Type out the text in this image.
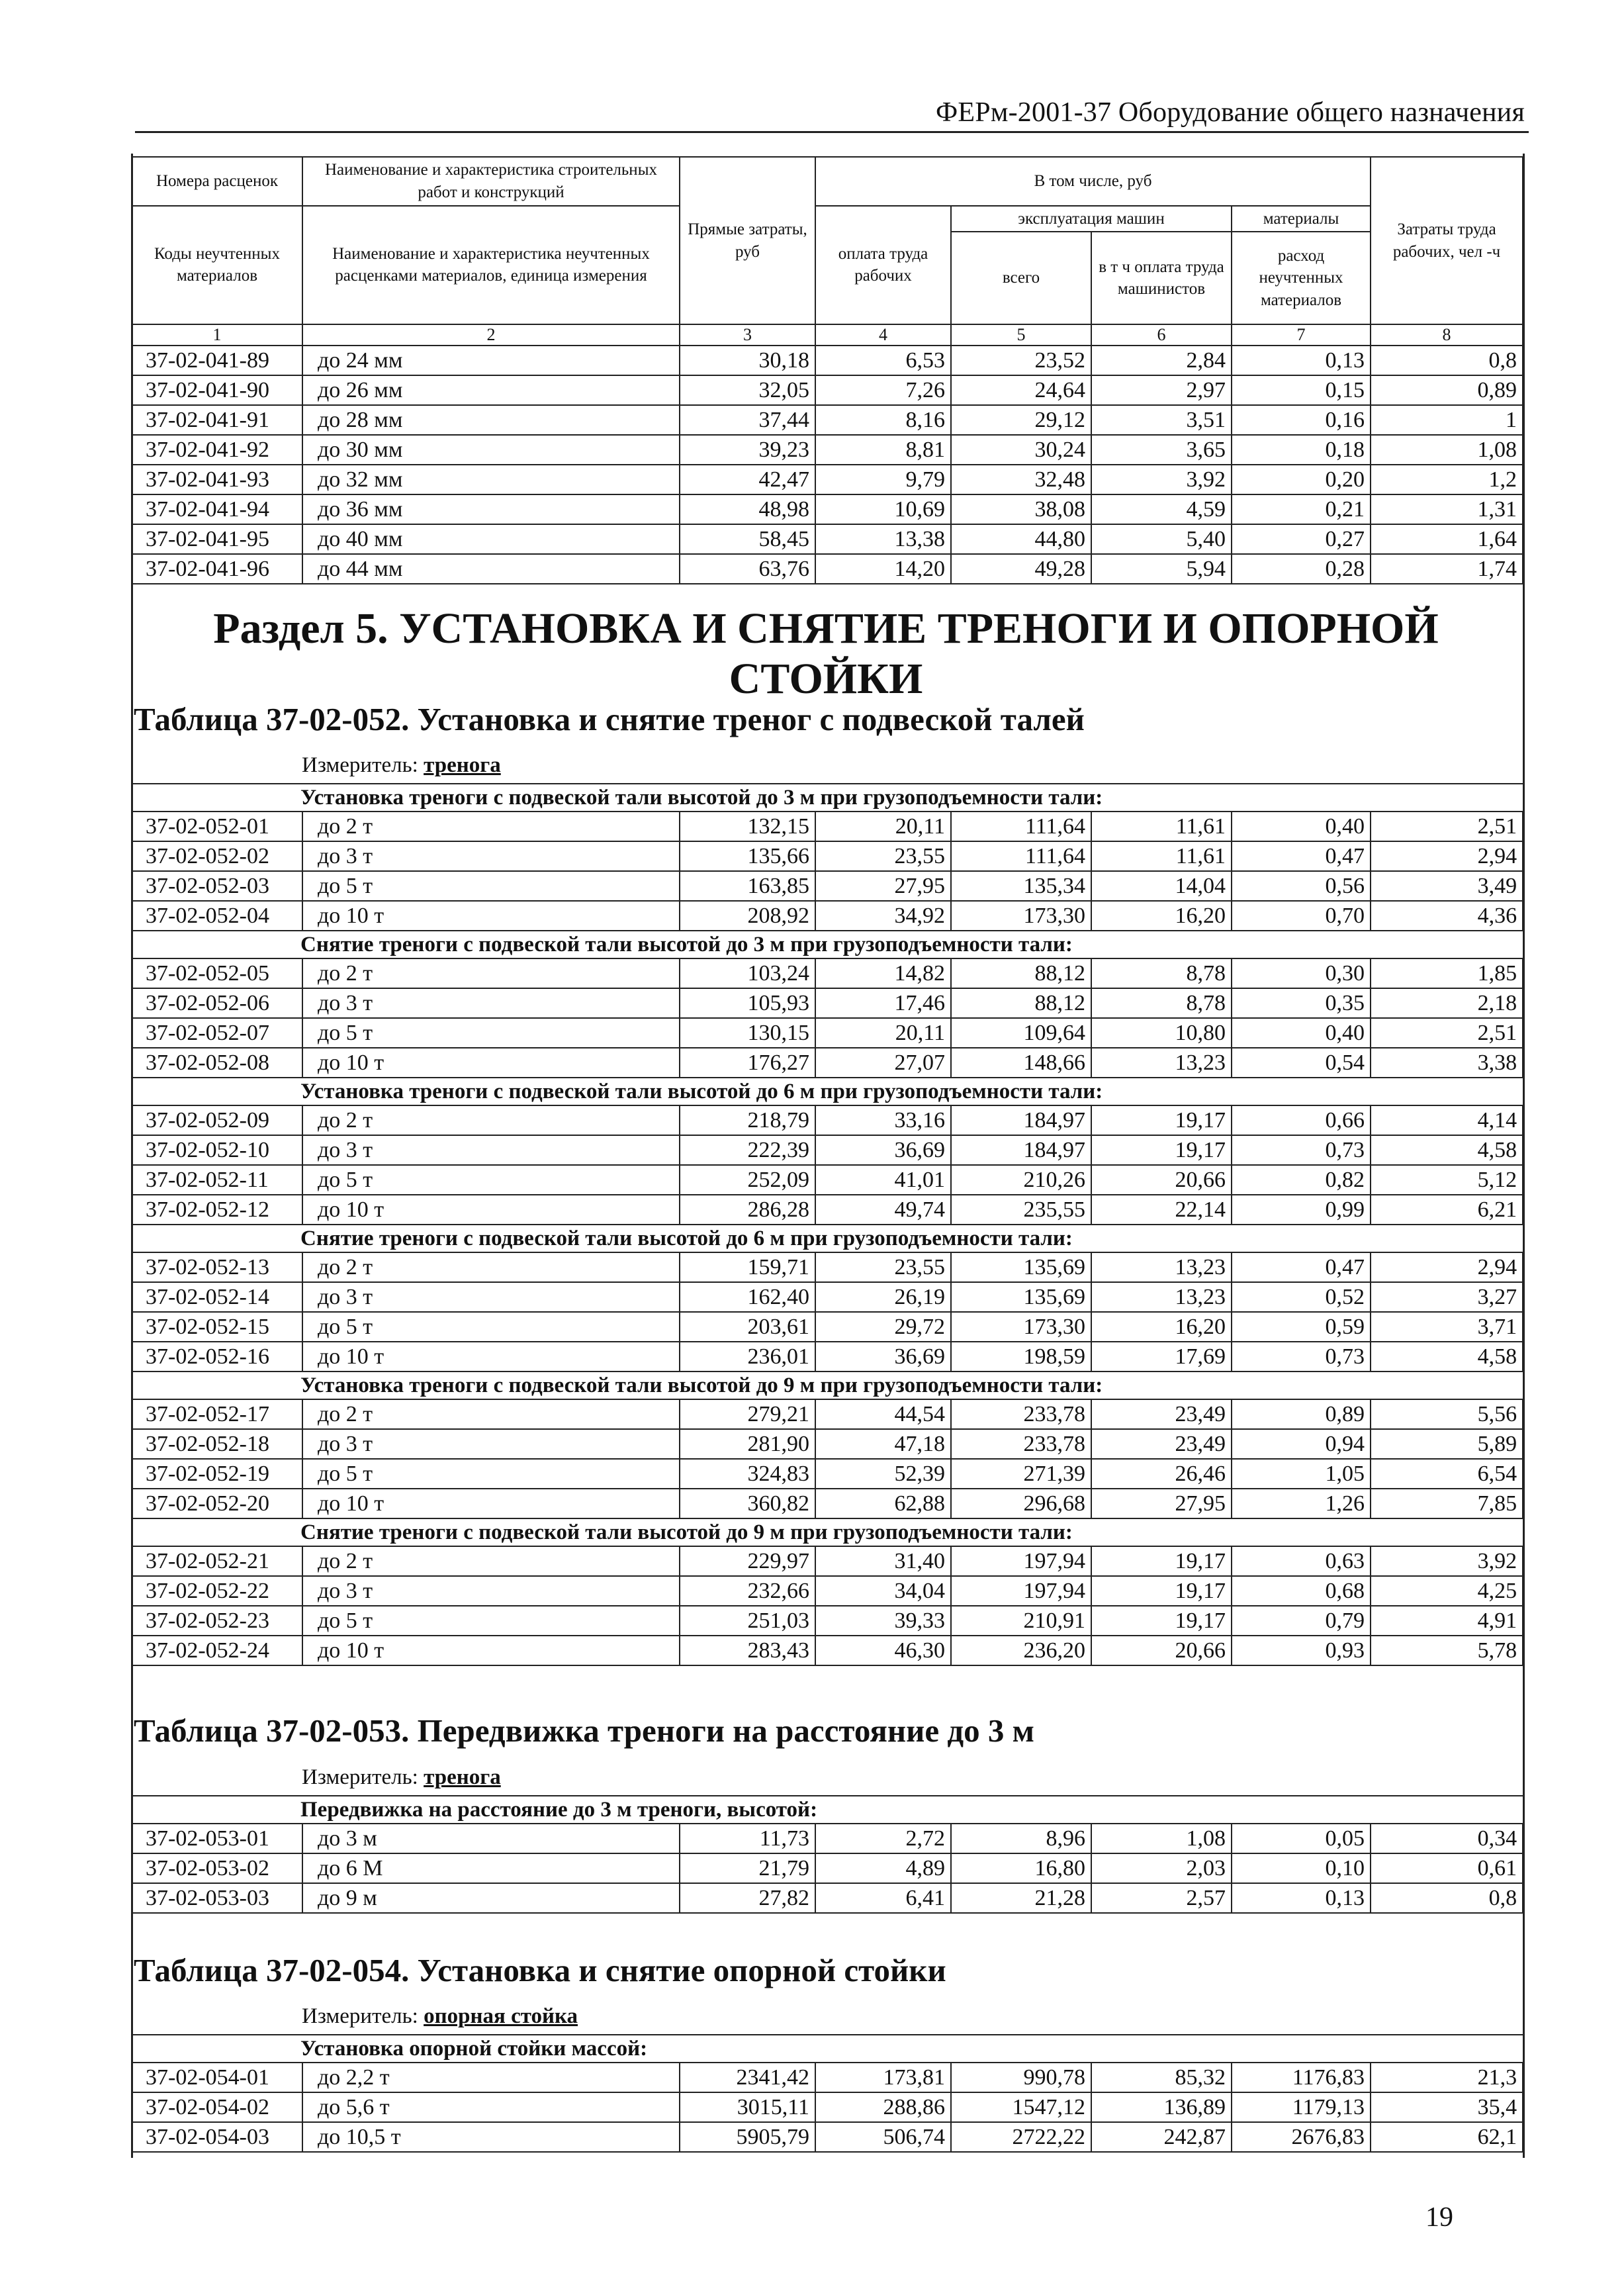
ФЕРм-2001-37 Оборудование общего назначения
Номера расценок	Наименование и характеристика строительных работ и конструкций	Прямые затраты, руб	В том числе, руб				Затраты труда рабочих, чел -ч
Коды неучтенных материалов	Наименование и характеристика неучтенных расценками материалов, единица измерения		оплата труда рабочих	эксплуатация машин		материалы	
				всего	в т ч оплата труда машинистов	расход неучтенных материалов	
1	2	3	4	5	6	7	8
37-02-041-89	до 24 мм	30,18	6,53	23,52	2,84	0,13	0,8
37-02-041-90	до 26 мм	32,05	7,26	24,64	2,97	0,15	0,89
37-02-041-91	до 28 мм	37,44	8,16	29,12	3,51	0,16	1
37-02-041-92	до 30 мм	39,23	8,81	30,24	3,65	0,18	1,08
37-02-041-93	до 32 мм	42,47	9,79	32,48	3,92	0,20	1,2
37-02-041-94	до 36 мм	48,98	10,69	38,08	4,59	0,21	1,31
37-02-041-95	до 40 мм	58,45	13,38	44,80	5,40	0,27	1,64
37-02-041-96	до 44 мм	63,76	14,20	49,28	5,94	0,28	1,74
Раздел 5. УСТАНОВКА И СНЯТИЕ ТРЕНОГИ И ОПОРНОЙ СТОЙКИ
Таблица 37-02-052. Установка и снятие треног с подвеской талей
Измеритель: тренога
Установка треноги с подвеской тали высотой до 3 м при грузоподъемности тали:							
37-02-052-01	до 2 т	132,15	20,11	111,64	11,61	0,40	2,51
37-02-052-02	до 3 т	135,66	23,55	111,64	11,61	0,47	2,94
37-02-052-03	до 5 т	163,85	27,95	135,34	14,04	0,56	3,49
37-02-052-04	до 10 т	208,92	34,92	173,30	16,20	0,70	4,36
Снятие треноги с подвеской тали высотой до 3 м при грузоподъемности тали:							
37-02-052-05	до 2 т	103,24	14,82	88,12	8,78	0,30	1,85
37-02-052-06	до 3 т	105,93	17,46	88,12	8,78	0,35	2,18
37-02-052-07	до 5 т	130,15	20,11	109,64	10,80	0,40	2,51
37-02-052-08	до 10 т	176,27	27,07	148,66	13,23	0,54	3,38
Установка треноги с подвеской тали высотой до 6 м при грузоподъемности тали:							
37-02-052-09	до 2 т	218,79	33,16	184,97	19,17	0,66	4,14
37-02-052-10	до 3 т	222,39	36,69	184,97	19,17	0,73	4,58
37-02-052-11	до 5 т	252,09	41,01	210,26	20,66	0,82	5,12
37-02-052-12	до 10 т	286,28	49,74	235,55	22,14	0,99	6,21
Снятие треноги с подвеской тали высотой до 6 м при грузоподъемности тали:							
37-02-052-13	до 2 т	159,71	23,55	135,69	13,23	0,47	2,94
37-02-052-14	до 3 т	162,40	26,19	135,69	13,23	0,52	3,27
37-02-052-15	до 5 т	203,61	29,72	173,30	16,20	0,59	3,71
37-02-052-16	до 10 т	236,01	36,69	198,59	17,69	0,73	4,58
Установка треноги с подвеской тали высотой до 9 м при грузоподъемности тали:							
37-02-052-17	до 2 т	279,21	44,54	233,78	23,49	0,89	5,56
37-02-052-18	до 3 т	281,90	47,18	233,78	23,49	0,94	5,89
37-02-052-19	до 5 т	324,83	52,39	271,39	26,46	1,05	6,54
37-02-052-20	до 10 т	360,82	62,88	296,68	27,95	1,26	7,85
Снятие треноги с подвеской тали высотой до 9 м при грузоподъемности тали:							
37-02-052-21	до 2 т	229,97	31,40	197,94	19,17	0,63	3,92
37-02-052-22	до 3 т	232,66	34,04	197,94	19,17	0,68	4,25
37-02-052-23	до 5 т	251,03	39,33	210,91	19,17	0,79	4,91
37-02-052-24	до 10 т	283,43	46,30	236,20	20,66	0,93	5,78
Таблица 37-02-053. Передвижка треноги на расстояние до 3 м
Измеритель: тренога
Передвижка на расстояние до 3 м треноги, высотой:							
37-02-053-01	до 3 м	11,73	2,72	8,96	1,08	0,05	0,34
37-02-053-02	до 6 М	21,79	4,89	16,80	2,03	0,10	0,61
37-02-053-03	до 9 м	27,82	6,41	21,28	2,57	0,13	0,8
Таблица 37-02-054. Установка и снятие опорной стойки
Измеритель: опорная стойка
Установка опорной стойки массой:							
37-02-054-01	до 2,2 т	2341,42	173,81	990,78	85,32	1176,83	21,3
37-02-054-02	до 5,6 т	3015,11	288,86	1547,12	136,89	1179,13	35,4
37-02-054-03	до 10,5 т	5905,79	506,74	2722,22	242,87	2676,83	62,1
19
